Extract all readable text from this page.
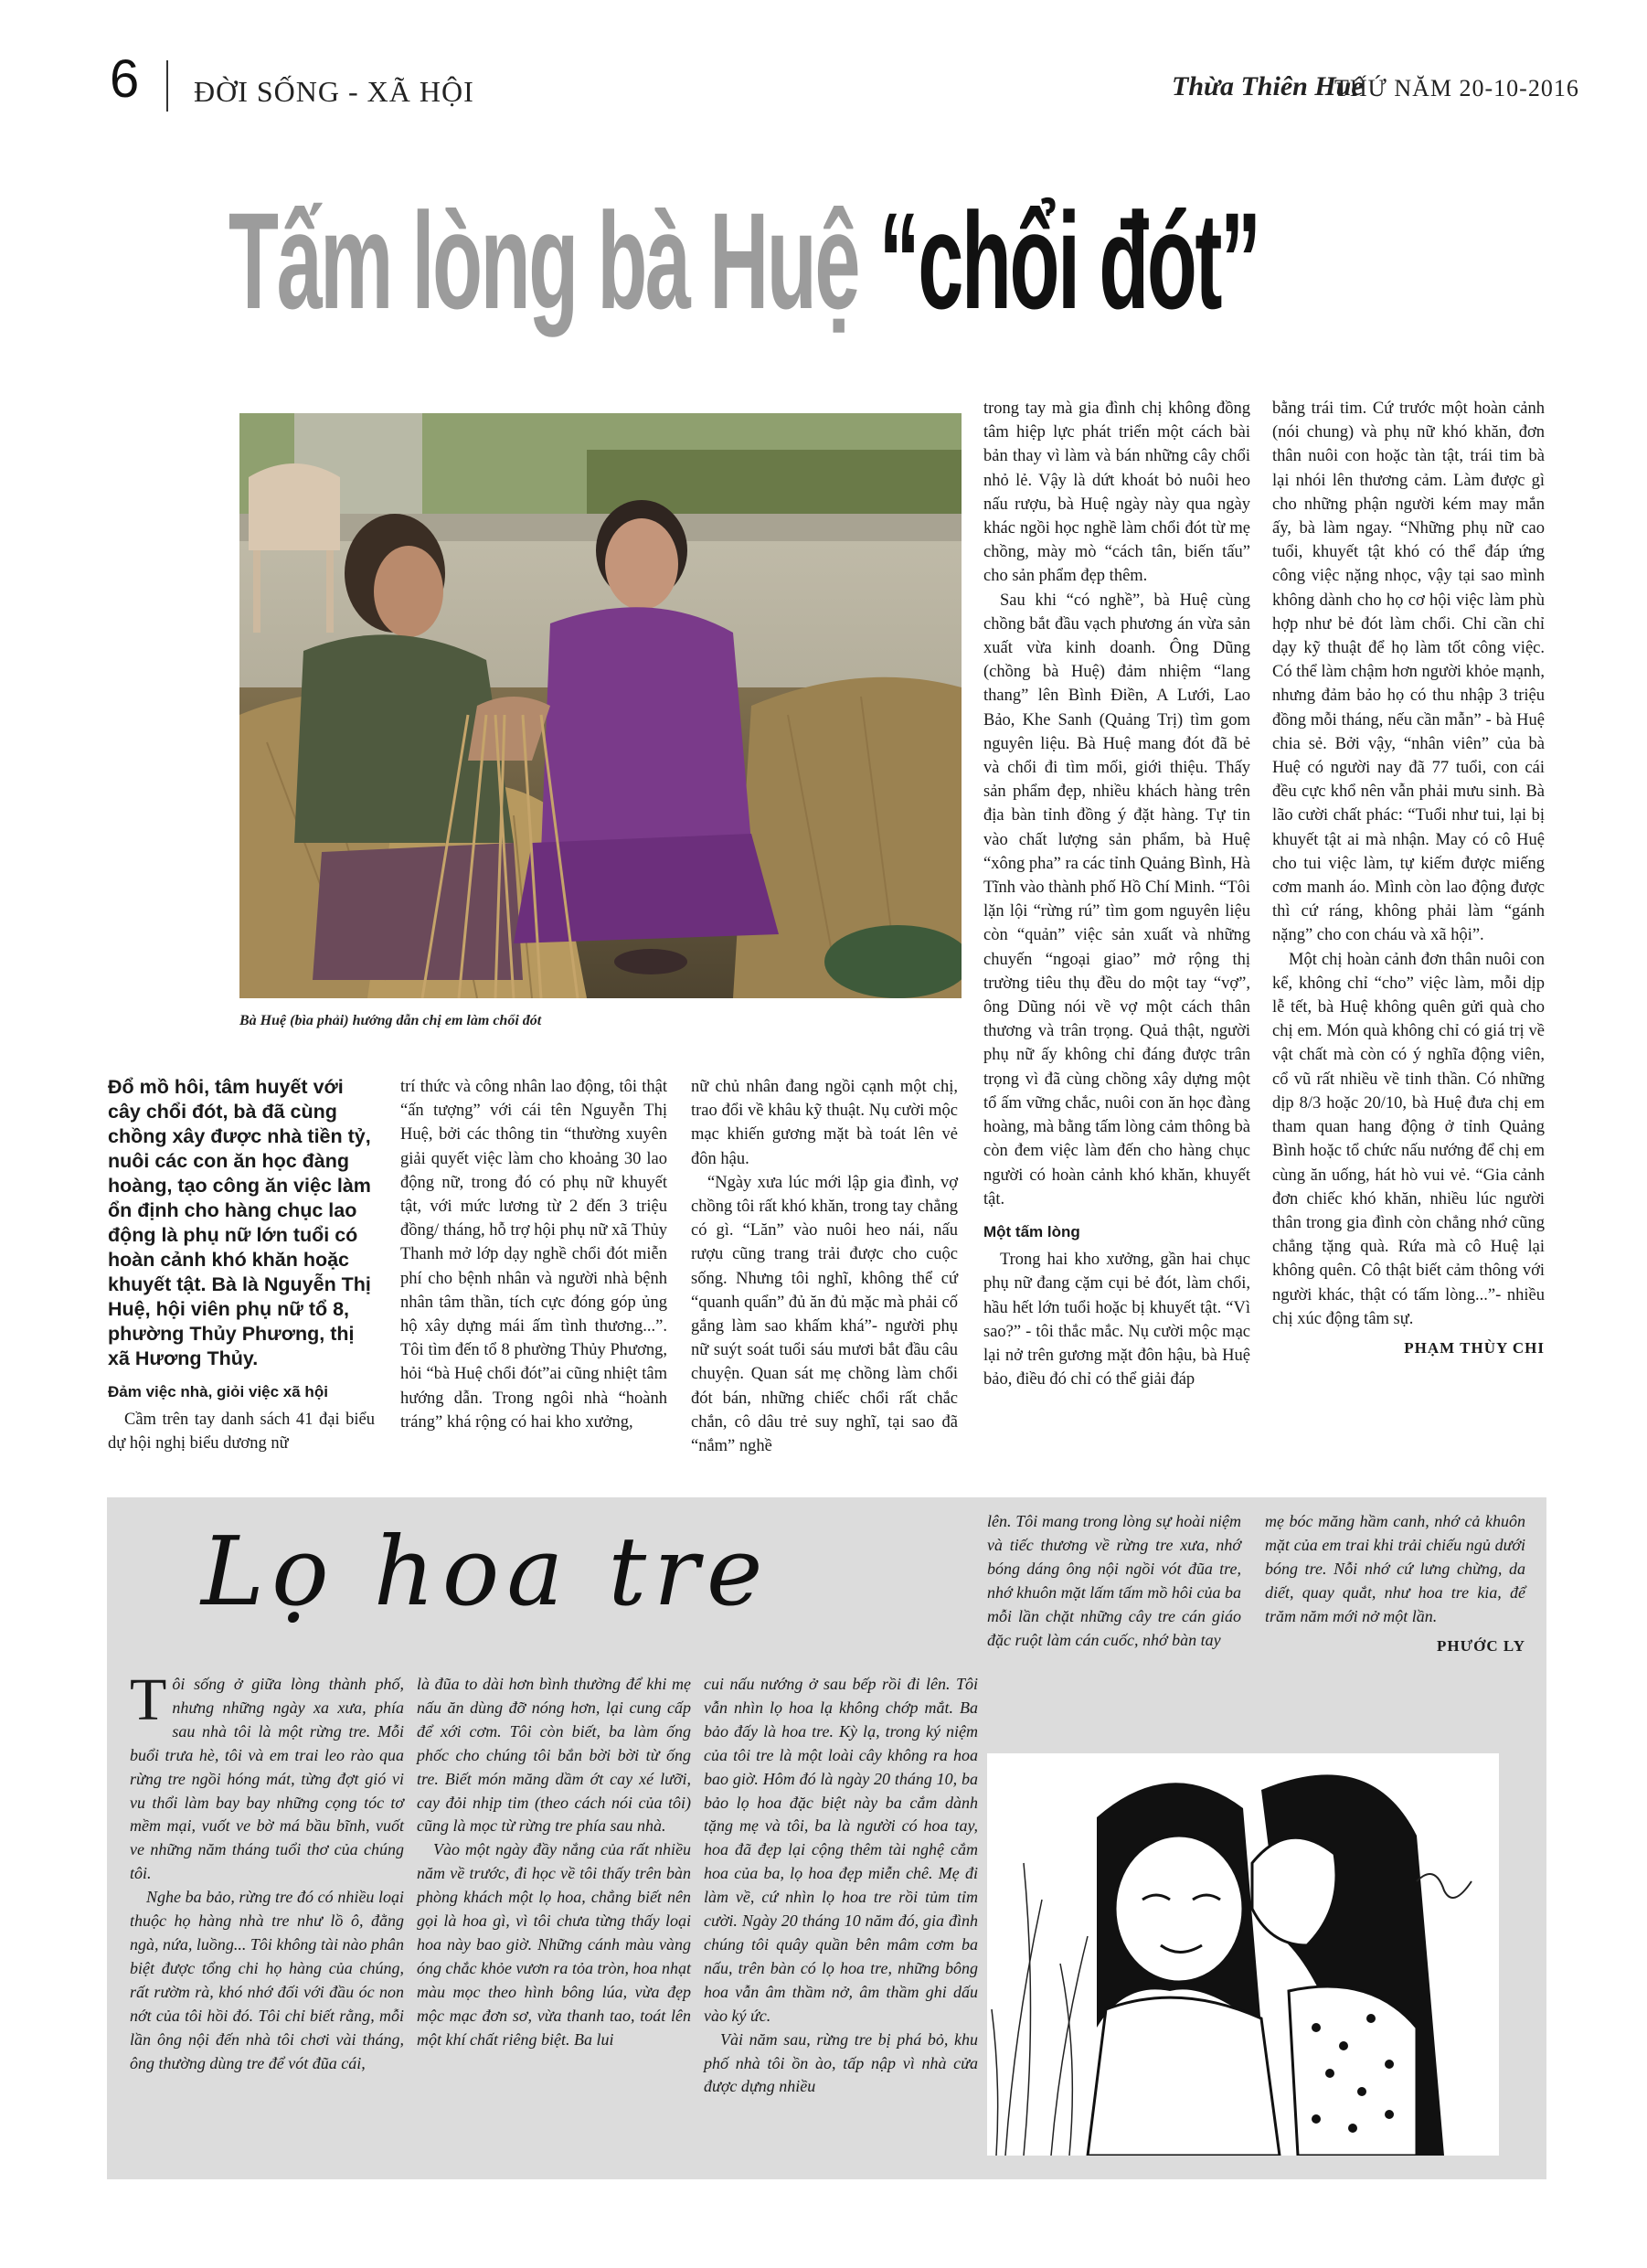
6 ĐỜI SỐNG - XÃ HỘI	Thừa Thiên Huế
THỨ NĂM 20-10-2016
Tấm lòng bà Huệ “chổi đót”
Bà Huệ (bìa phải) hướng dẫn chị em làm chổi đót
Đổ mồ hôi, tâm huyết với cây chổi đót, bà đã cùng chồng xây được nhà tiền tỷ, nuôi các con ăn học đàng hoàng, tạo công ăn việc làm ổn định cho hàng chục lao động là phụ nữ lớn tuổi có hoàn cảnh khó khăn hoặc khuyết tật. Bà là Nguyễn Thị Huệ, hội viên phụ nữ tổ 8, phường Thủy Phương, thị xã Hương Thủy.
Đảm việc nhà, giỏi việc xã hội

Cầm trên tay danh sách 41 đại biểu dự hội nghị biểu dương nữ

trí thức và công nhân lao động, tôi thật “ấn tượng” với cái tên Nguyễn Thị Huệ, bởi các thông tin “thường xuyên giải quyết việc làm cho khoảng 30 lao động nữ, trong đó có phụ nữ khuyết tật, với mức lương từ 2 đến 3 triệu đồng/ tháng, hỗ trợ hội phụ nữ xã Thủy Thanh mở lớp dạy nghề chổi đót miễn phí cho bệnh nhân và người nhà bệnh nhân tâm thần, tích cực đóng góp ủng hộ xây dựng mái ấm tình thương...”. Tôi tìm đến tổ 8 phường Thủy Phương, hỏi “bà Huệ chổi đót”ai cũng nhiệt tâm hướng dẫn. Trong ngôi nhà “hoành tráng” khá rộng có hai kho xưởng,

nữ chủ nhân đang ngồi cạnh một chị, trao đổi về khâu kỹ thuật. Nụ cười mộc mạc khiến gương mặt bà toát lên vẻ đôn hậu.

“Ngày xưa lúc mới lập gia đình, vợ chồng tôi rất khó khăn, trong tay chẳng có gì. “Lăn” vào nuôi heo nái, nấu rượu cũng trang trải được cho cuộc sống. Nhưng tôi nghĩ, không thể cứ “quanh quẩn” đủ ăn đủ mặc mà phải cố gắng làm sao khấm khá”- người phụ nữ suýt soát tuổi sáu mươi bắt đầu câu chuyện. Quan sát mẹ chồng làm chổi đót bán, những chiếc chổi rất chắc chắn, cô dâu trẻ suy nghĩ, tại sao đã “nắm” nghề

trong tay mà gia đình chị không đồng tâm hiệp lực phát triển một cách bài bản thay vì làm và bán những cây chổi nhỏ lẻ. Vậy là dứt khoát bỏ nuôi heo nấu rượu, bà Huệ ngày này qua ngày khác ngồi học nghề làm chổi đót từ mẹ chồng, mày mò “cách tân, biến tấu” cho sản phẩm đẹp thêm.

Sau khi “có nghề”, bà Huệ cùng chồng bắt đầu vạch phương án vừa sản xuất vừa kinh doanh. Ông Dũng (chồng bà Huệ) đảm nhiệm “lang thang” lên Bình Điền, A Lưới, Lao Bảo, Khe Sanh (Quảng Trị) tìm gom nguyên liệu. Bà Huệ mang đót đã bẻ và chổi đi tìm mối, giới thiệu. Thấy sản phẩm đẹp, nhiều khách hàng trên địa bàn tỉnh đồng ý đặt hàng. Tự tin vào chất lượng sản phẩm, bà Huệ “xông pha” ra các tỉnh Quảng Bình, Hà Tĩnh vào thành phố Hồ Chí Minh. “Tôi lặn lội “rừng rú” tìm gom nguyên liệu còn “quản” việc sản xuất và những chuyến “ngoại giao” mở rộng thị trường tiêu thụ đều do một tay “vợ”, ông Dũng nói về vợ một cách thân thương và trân trọng. Quả thật, người phụ nữ ấy không chỉ đáng được trân trọng vì đã cùng chồng xây dựng một tổ ấm vững chắc, nuôi con ăn học đàng hoàng, mà bằng tấm lòng cảm thông bà còn đem việc làm đến cho hàng chục người có hoàn cảnh khó khăn, khuyết tật.

Một tấm lòng

Trong hai kho xưởng, gần hai chục phụ nữ đang cặm cụi bẻ đót, làm chổi, hầu hết lớn tuổi hoặc bị khuyết tật. “Vì sao?” - tôi thắc mắc. Nụ cười mộc mạc lại nở trên gương mặt đôn hậu, bà Huệ bảo, điều đó chỉ có thể giải đáp

bằng trái tim. Cứ trước một hoàn cảnh (nói chung) và phụ nữ khó khăn, đơn thân nuôi con hoặc tàn tật, trái tim bà lại nhói lên thương cảm. Làm được gì cho những phận người kém may mắn ấy, bà làm ngay. “Những phụ nữ cao tuổi, khuyết tật khó có thể đáp ứng công việc nặng nhọc, vậy tại sao mình không dành cho họ cơ hội việc làm phù hợp như bẻ đót làm chổi. Chỉ cần chỉ dạy kỹ thuật để họ làm tốt công việc. Có thể làm chậm hơn người khỏe mạnh, nhưng đảm bảo họ có thu nhập 3 triệu đồng mỗi tháng, nếu cần mẫn” - bà Huệ chia sẻ. Bởi vậy, “nhân viên” của bà Huệ có người nay đã 77 tuổi, con cái đều cực khổ nên vẫn phải mưu sinh. Bà lão cười chất phác: “Tuổi như tui, lại bị khuyết tật ai mà nhận. May có cô Huệ cho tui việc làm, tự kiếm được miếng cơm manh áo. Mình còn lao động được thì cứ ráng, không phải làm “gánh nặng” cho con cháu và xã hội”.

Một chị hoàn cảnh đơn thân nuôi con kể, không chỉ “cho” việc làm, mỗi dịp lễ tết, bà Huệ không quên gửi quà cho chị em. Món quà không chỉ có giá trị về vật chất mà còn có ý nghĩa động viên, cổ vũ rất nhiều về tinh thần. Có những dịp 8/3 hoặc 20/10, bà Huệ đưa chị em tham quan hang động ở tỉnh Quảng Bình hoặc tổ chức nấu nướng để chị em cùng ăn uống, hát hò vui vẻ. “Gia cảnh đơn chiếc khó khăn, nhiều lúc người thân trong gia đình còn chẳng nhớ cũng chẳng tặng quà. Rứa mà cô Huệ lại không quên. Cô thật biết cảm thông với người khác, thật có tấm lòng...”- nhiều chị xúc động tâm sự.

PHẠM THÙY CHI
Lọ hoa tre

Tôi sống ở giữa lòng thành phố, nhưng những ngày xa xưa, phía sau nhà tôi là một rừng tre. Mỗi buổi trưa hè, tôi và em trai leo rào qua rừng tre ngồi hóng mát, từng đợt gió vi vu thổi làm bay bay những cọng tóc tơ mềm mại, vuốt ve bờ má bầu bĩnh, vuốt ve những năm tháng tuổi thơ của chúng tôi.

Nghe ba bảo, rừng tre đó có nhiều loại thuộc họ hàng nhà tre như lồ ô, đằng ngà, nứa, luồng... Tôi không tài nào phân biệt được tổng chi họ hàng của chúng, rất rườm rà, khó nhớ đối với đầu óc non nớt của tôi hồi đó. Tôi chỉ biết rằng, mỗi lần ông nội đến nhà tôi chơi vài tháng, ông thường dùng tre để vót đũa cái,

là đũa to dài hơn bình thường để khi mẹ nấu ăn dùng đỡ nóng hơn, lại cung cấp để xới cơm. Tôi còn biết, ba làm ống phốc cho chúng tôi bắn bời bời từ ống tre. Biết món măng dầm ớt cay xé lưỡi, cay đỏi nhịp tim (theo cách nói của tôi) cũng là mọc từ rừng tre phía sau nhà.

Vào một ngày đầy nắng của rất nhiều năm về trước, đi học về tôi thấy trên bàn phòng khách một lọ hoa, chẳng biết nên gọi là hoa gì, vì tôi chưa từng thấy loại hoa này bao giờ. Những cánh màu vàng óng chắc khỏe vươn ra tỏa tròn, hoa nhạt màu mọc theo hình bông lúa, vừa đẹp mộc mạc đơn sơ, vừa thanh tao, toát lên một khí chất riêng biệt. Ba lui

cui nấu nướng ở sau bếp rồi đi lên. Tôi vẫn nhìn lọ hoa lạ không chớp mắt. Ba bảo đấy là hoa tre. Kỳ lạ, trong ký niệm của tôi tre là một loài cây không ra hoa bao giờ. Hôm đó là ngày 20 tháng 10, ba bảo lọ hoa đặc biệt này ba cắm dành tặng mẹ và tôi, ba là người có hoa tay, hoa đã đẹp lại cộng thêm tài nghệ cắm hoa của ba, lọ hoa đẹp miễn chê. Mẹ đi làm về, cứ nhìn lọ hoa tre rồi tủm tỉm cười. Ngày 20 tháng 10 năm đó, gia đình chúng tôi quây quần bên mâm cơm ba nấu, trên bàn có lọ hoa tre, những bông hoa vẫn âm thầm nở, âm thầm ghi dấu vào ký ức.

Vài năm sau, rừng tre bị phá bỏ, khu phố nhà tôi ồn ào, tấp nập vì nhà cửa được dựng nhiều

lên. Tôi mang trong lòng sự hoài niệm và tiếc thương về rừng tre xưa, nhớ bóng dáng ông nội ngồi vót đũa tre, nhớ khuôn mặt lấm tấm mồ hôi của ba mỗi lần chặt những cây tre cán giáo đặc ruột làm cán cuốc, nhớ bàn tay

mẹ bóc măng hầm canh, nhớ cả khuôn mặt của em trai khi trải chiếu ngủ dưới bóng tre. Nỗi nhớ cứ lưng chừng, da diết, quay quắt, như hoa tre kia, để trăm năm mới nở một lần.

PHƯỚC LY
